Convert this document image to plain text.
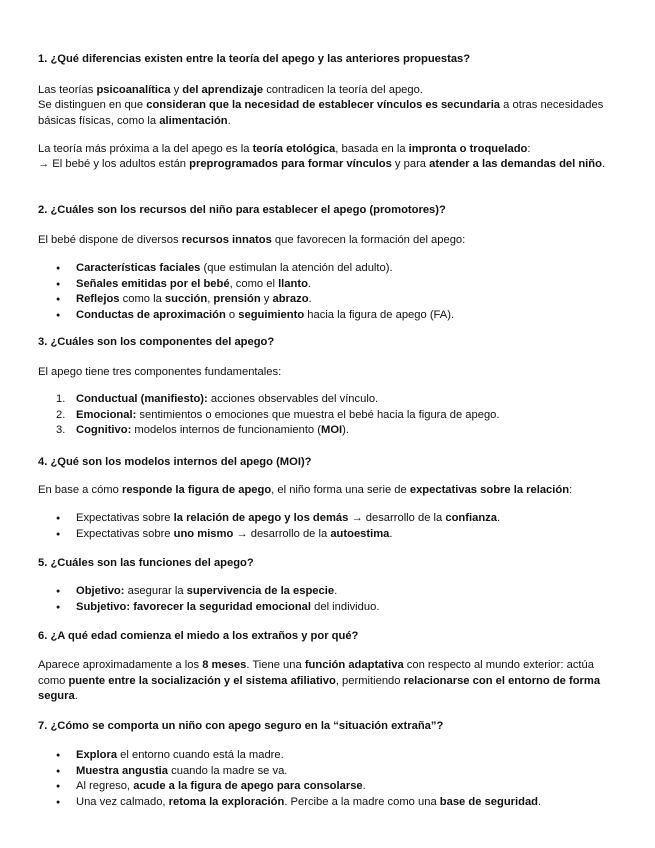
1. ¿Qué diferencias existen entre la teoría del apego y las anteriores propuestas?

Las teorías psicoanalítica y del aprendizaje contradicen la teoría del apego.

Se distinguen en que consideran que la necesidad de establecer vínculos es secundaria a otras necesidades básicas físicas, como la alimentación.

La teoría más próxima a la del apego es la teoría etológica, basada en la impronta o troquelado:

→ El bebé y los adultos están preprogramados para formar vínculos y para atender a las demandas del niño.

2. ¿Cuáles son los recursos del niño para establecer el apego (promotores)?

El bebé dispone de diversos recursos innatos que favorecen la formación del apego:

● Características faciales (que estimulan la atención del adulto).
● Señales emitidas por el bebé, como el llanto.
● Reflejos como la succión, prensión y abrazo.
● Conductas de aproximación o seguimiento hacia la figura de apego (FA).
3. ¿Cuáles son los componentes del apego?

El apego tiene tres componentes fundamentales:

1. Conductual (manifiesto): acciones observables del vínculo.
2. Emocional: sentimientos o emociones que muestra el bebé hacia la figura de apego.
3. Cognitivo: modelos internos de funcionamiento (MOI).
4. ¿Qué son los modelos internos del apego (MOI)?

En base a cómo responde la figura de apego, el niño forma una serie de expectativas sobre la relación:

● Expectativas sobre la relación de apego y los demás → desarrollo de la confianza.
● Expectativas sobre uno mismo → desarrollo de la autoestima.
5. ¿Cuáles son las funciones del apego?
● Objetivo: asegurar la supervivencia de la especie.
● Subjetivo: favorecer la seguridad emocional del individuo.
6. ¿A qué edad comienza el miedo a los extraños y por qué?

Aparece aproximadamente a los 8 meses. Tiene una función adaptativa con respecto al mundo exterior: actúa como puente entre la socialización y el sistema afiliativo, permitiendo relacionarse con el entorno de forma segura.

7. ¿Cómo se comporta un niño con apego seguro en la “situación extraña”?
● Explora el entorno cuando está la madre.
● Muestra angustia cuando la madre se va.
● Al regreso, acude a la figura de apego para consolarse.
● Una vez calmado, retoma la exploración. Percibe a la madre como una base de seguridad.
